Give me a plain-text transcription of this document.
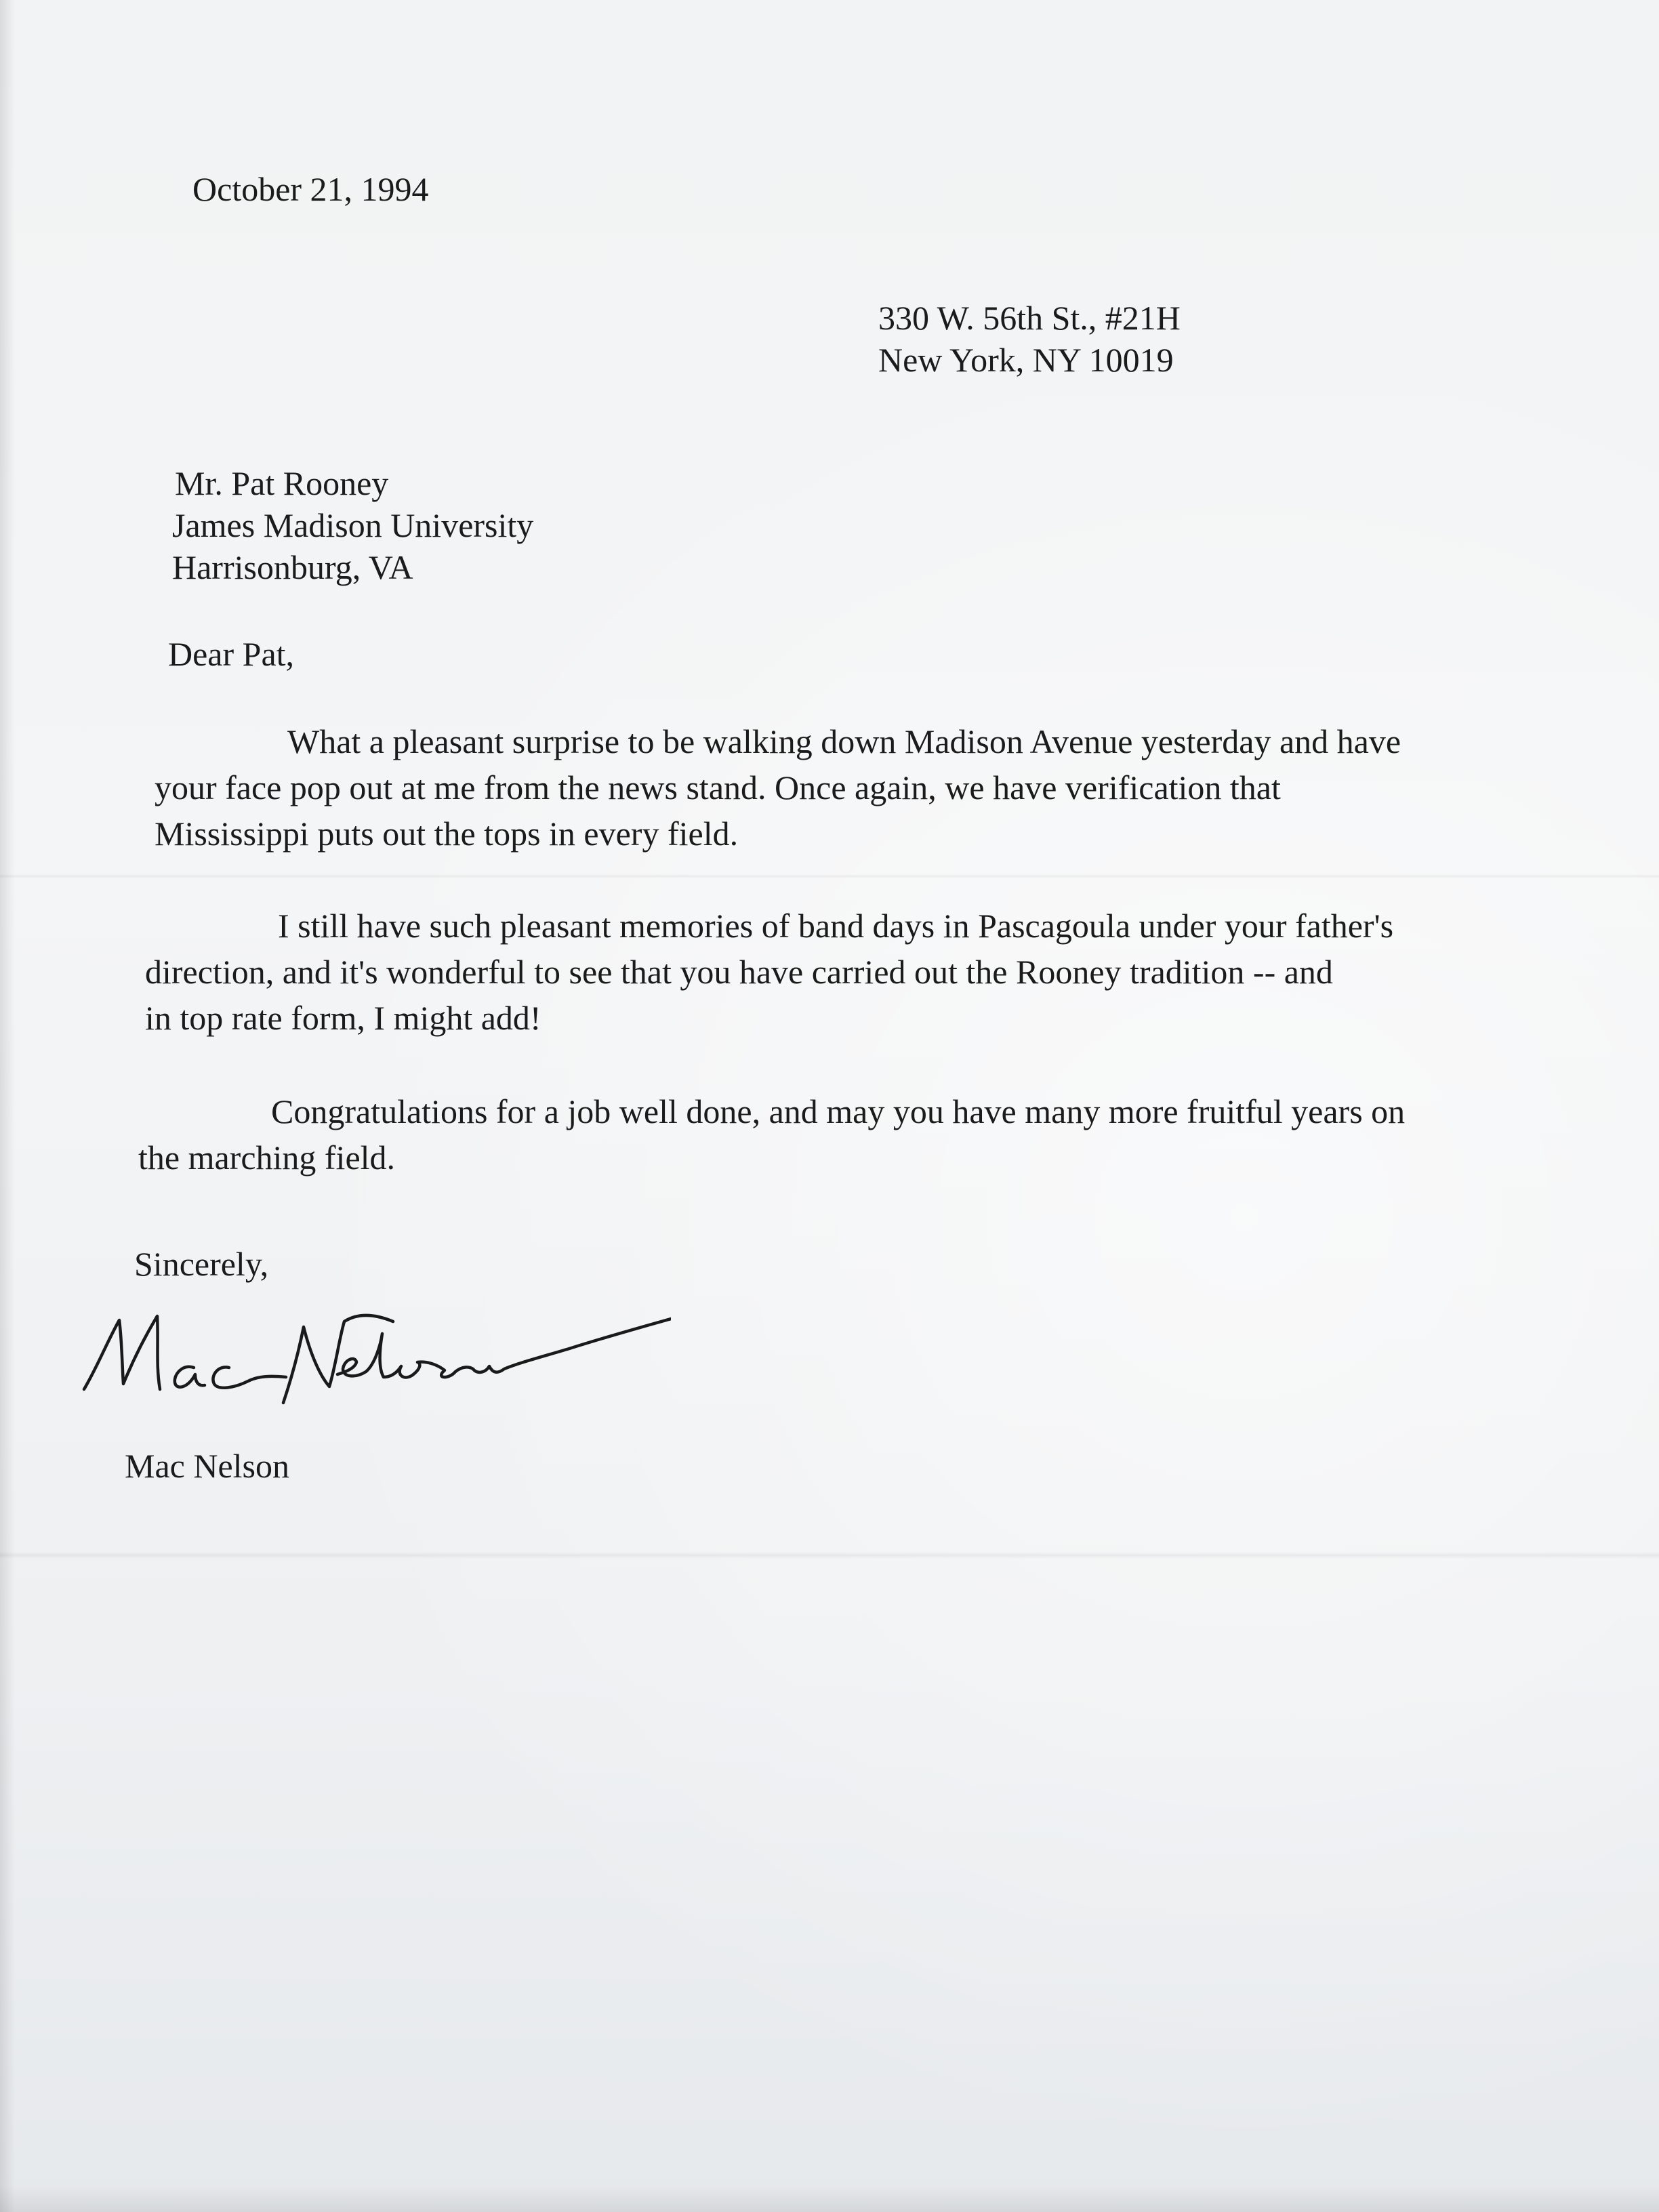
October 21, 1994

330 W. 56th St., #21H

New York, NY 10019

Mr. Pat Rooney

James Madison University

Harrisonburg, VA

Dear Pat,

What a pleasant surprise to be walking down Madison Avenue yesterday and have
your face pop out at me from the news stand. Once again, we have verification that
Mississippi puts out the tops in every field.
I still have such pleasant memories of band days in Pascagoula under your father's
direction, and it's wonderful to see that you have carried out the Rooney tradition -- and
in top rate form, I might add!
Congratulations for a job well done, and may you have many more fruitful years on
the marching field.

Sincerely,

Mac Nelson
